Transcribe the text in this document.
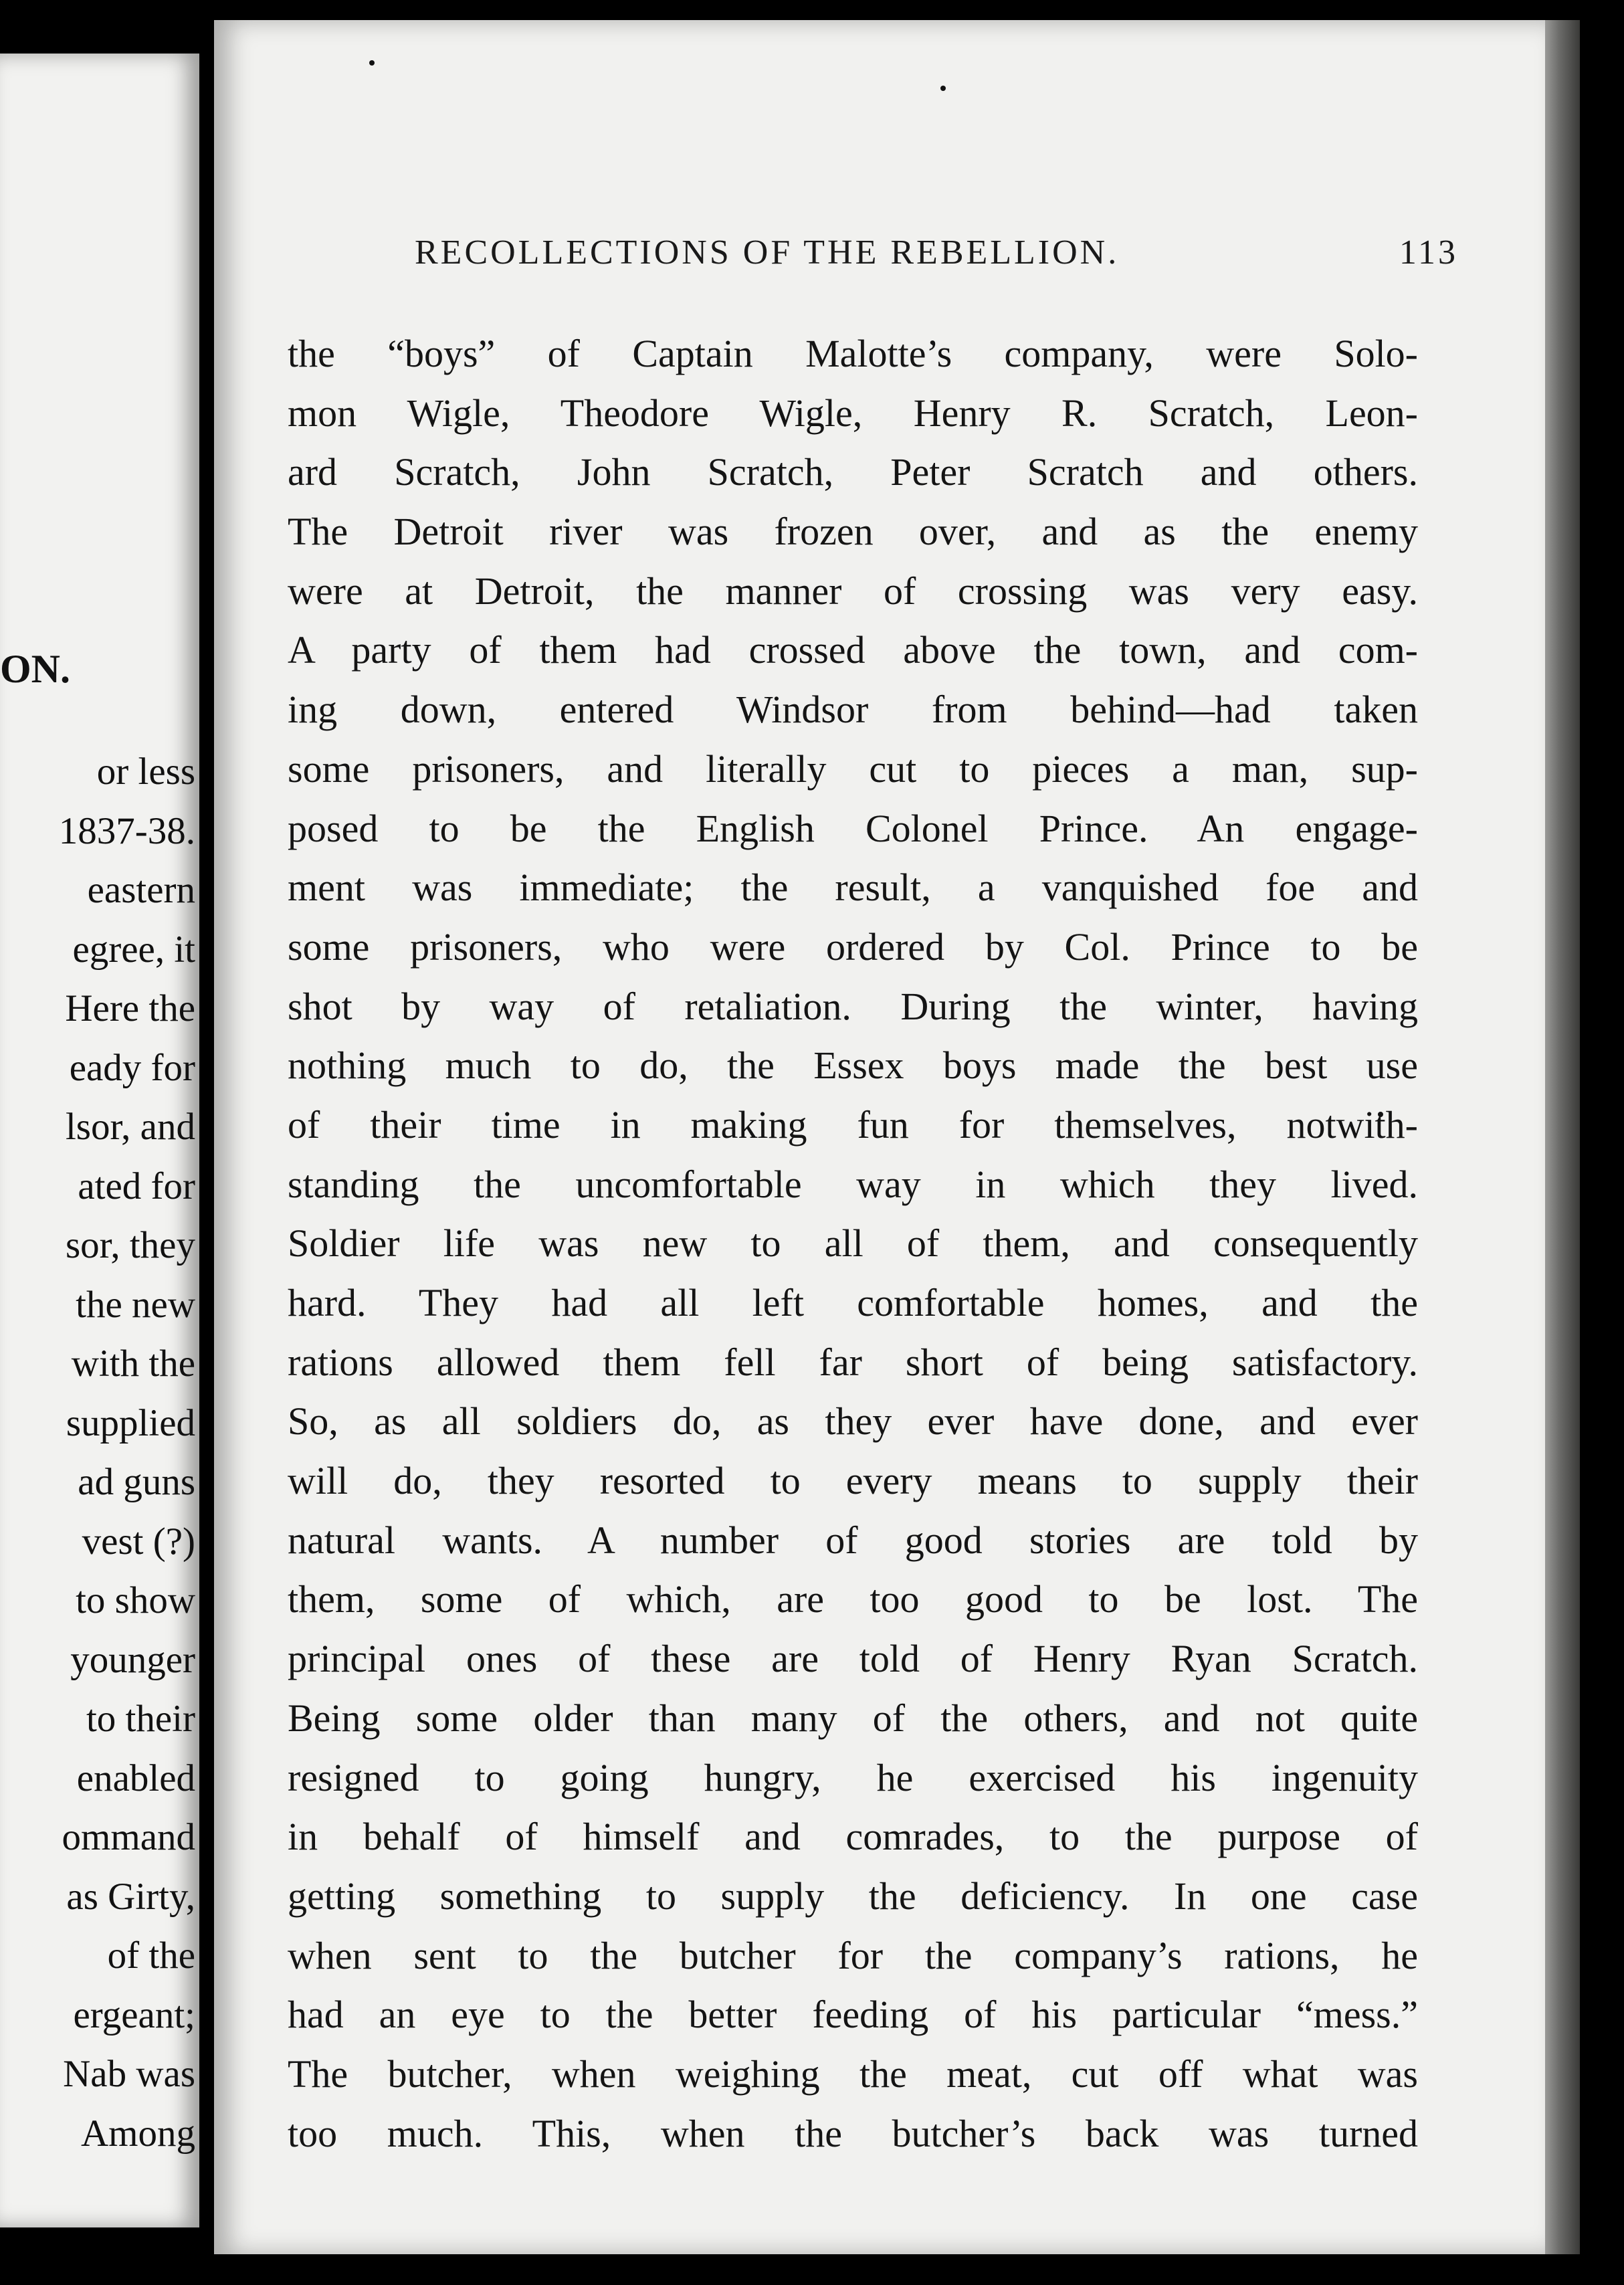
ON.
or less
1837-38.
eastern
egree, it
Here the
eady for
lsor, and
ated for
sor, they
the new
with the
supplied
ad guns
vest (?)
to show
younger
to their
enabled
ommand
as Girty,
of the
ergeant;
Nab was
Among
RECOLLECTIONS OF THE REBELLION.	113
the “boys” of Captain Malotte’s company, were Solo-
mon Wigle, Theodore Wigle, Henry R. Scratch, Leon-
ard Scratch, John Scratch, Peter Scratch and others.
The Detroit river was frozen over, and as the enemy
were at Detroit, the manner of crossing was very easy.
A party of them had crossed above the town, and com-
ing down, entered Windsor from behind—had taken
some prisoners, and literally cut to pieces a man, sup-
posed to be the English Colonel Prince. An engage-
ment was immediate; the result, a vanquished foe and
some prisoners, who were ordered by Col. Prince to be
shot by way of retaliation. During the winter, having
nothing much to do, the Essex boys made the best use
of their time in making fun for themselves, notwith-
standing the uncomfortable way in which they lived.
Soldier life was new to all of them, and consequently
hard. They had all left comfortable homes, and the
rations allowed them fell far short of being satisfactory.
So, as all soldiers do, as they ever have done, and ever
will do, they resorted to every means to supply their
natural wants. A number of good stories are told by
them, some of which, are too good to be lost. The
principal ones of these are told of Henry Ryan Scratch.
Being some older than many of the others, and not quite
resigned to going hungry, he exercised his ingenuity
in behalf of himself and comrades, to the purpose of
getting something to supply the deficiency. In one case
when sent to the butcher for the company’s rations, he
had an eye to the better feeding of his particular “mess.”
The butcher, when weighing the meat, cut off what was
too much. This, when the butcher’s back was turned
